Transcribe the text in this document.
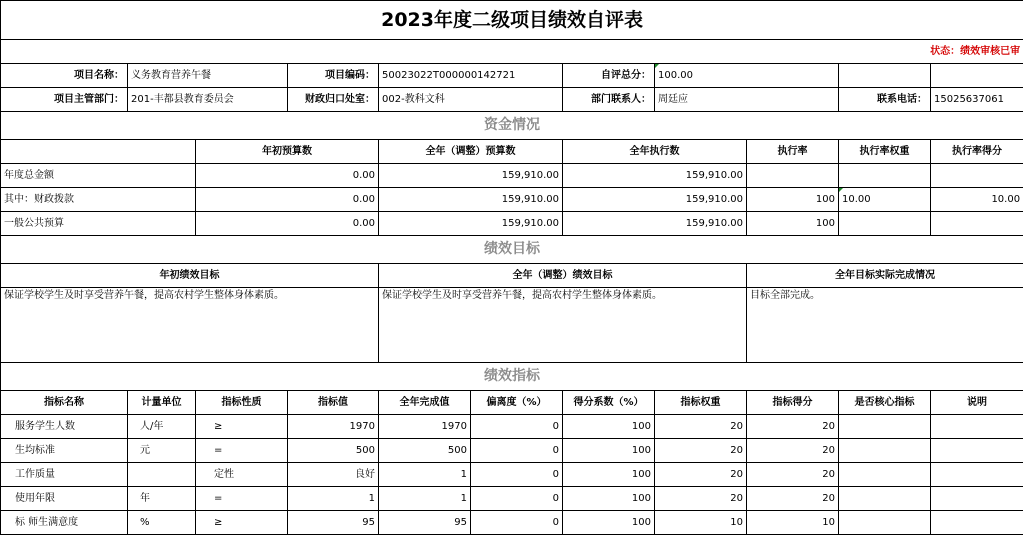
2023年度二级项目绩效自评表										
状态：绩效审核已审										
项目名称：	义务教育营养午餐		项目编码：	50023022T000000142721		自评总分：	100.00			
项目主管部门：	201-丰都县教育委员会		财政归口处室：	002-教科文科		部门联系人：	周廷应		联系电话：	15025637061
资金情况										
		年初预算数		全年（调整）预算数		全年执行数		执行率	执行率权重	执行率得分
年度总金额		0.00		159,910.00		159,910.00				
其中：财政拨款		0.00		159,910.00		159,910.00		100	10.00	10.00
一般公共预算		0.00		159,910.00		159,910.00		100		
绩效目标										
年初绩效目标				全年（调整）绩效目标				全年目标实际完成情况		
保证学校学生及时享受营养午餐，提高农村学生整体身体素质。				保证学校学生及时享受营养午餐，提高农村学生整体身体素质。				目标全部完成。		
绩效指标										
指标名称	计量单位	指标性质	指标值	全年完成值	偏离度（%）	得分系数（%）	指标权重	指标得分	是否核心指标	说明
服务学生人数	人/年	≥	1970	1970	0	100	20	20		
生均标准	元	=	500	500	0	100	20	20		
工作质量		定性	良好	1	0	100	20	20		
使用年限	年	=	1	1	0	100	20	20		
标 师生满意度	%	≥	95	95	0	100	10	10		
